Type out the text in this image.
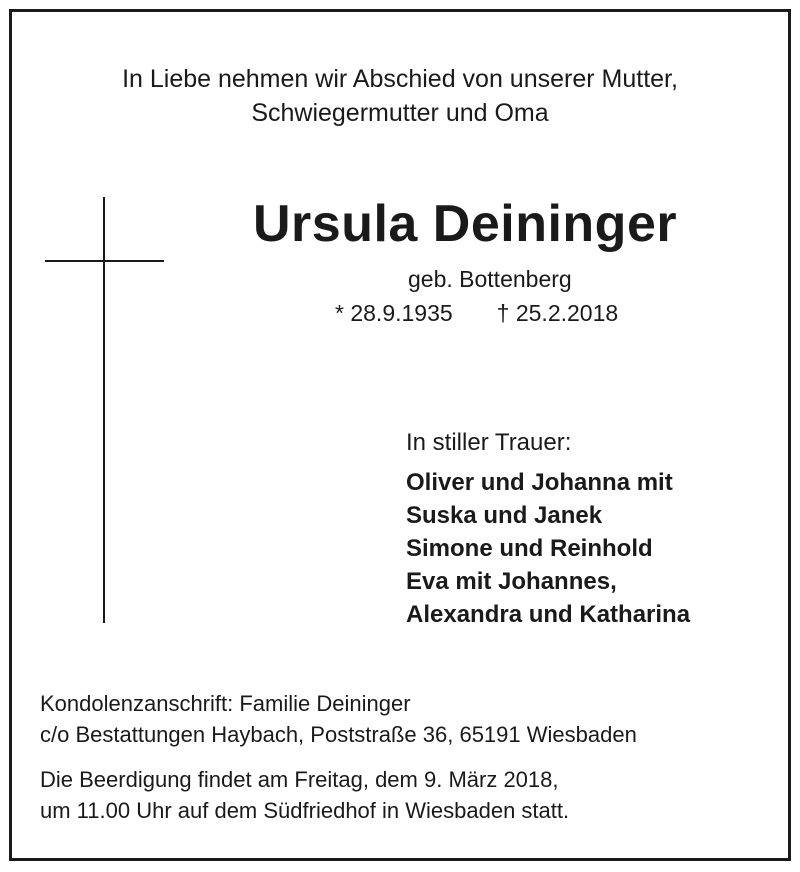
In Liebe nehmen wir Abschied von unserer Mutter,
Schwiegermutter und Oma
Ursula Deininger
geb. Bottenberg
* 28.9.1935 † 25.2.2018
In stiller Trauer:
Oliver und Johanna mit
Suska und Janek
Simone und Reinhold
Eva mit Johannes,
Alexandra und Katharina
Kondolenzanschrift: Familie Deininger
c/o Bestattungen Haybach, Poststraße 36, 65191 Wiesbaden
Die Beerdigung findet am Freitag, dem 9. März 2018,
um 11.00 Uhr auf dem Südfriedhof in Wiesbaden statt.
